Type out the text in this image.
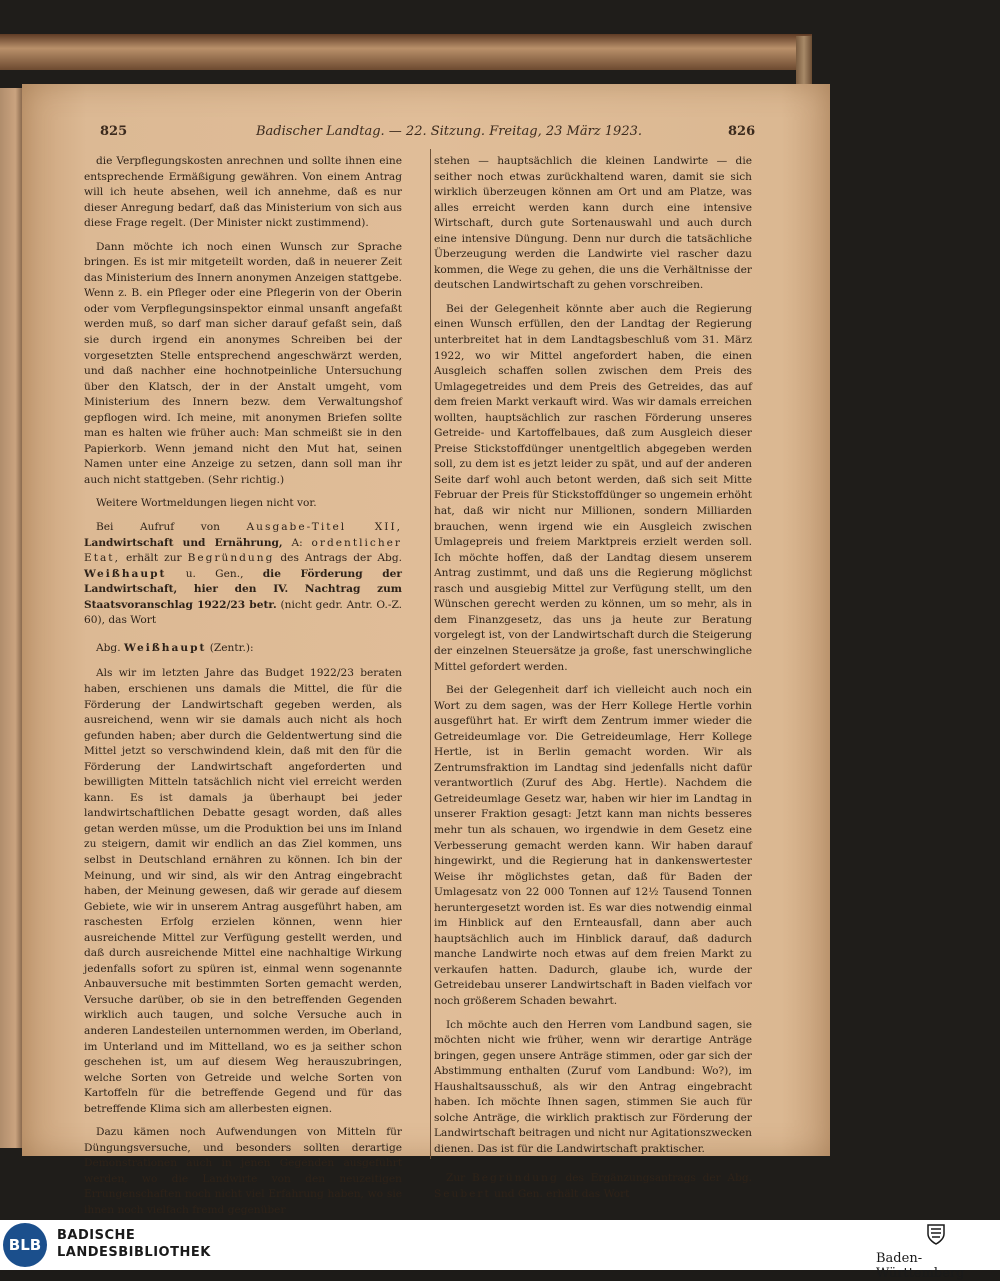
825	Badischer Landtag. — 22. Sitzung. Freitag, 23 März 1923.	826

die Verpflegungskosten anrechnen und sollte ihnen eine entsprechende Ermäßigung gewähren. Von einem Antrag will ich heute absehen, weil ich annehme, daß es nur dieser Anregung bedarf, daß das Ministerium von sich aus diese Frage regelt. (Der Minister nickt zustimmend).

Dann möchte ich noch einen Wunsch zur Sprache bringen. Es ist mir mitgeteilt worden, daß in neuerer Zeit das Ministerium des Innern anonymen Anzeigen stattgebe. Wenn z. B. ein Pfleger oder eine Pflegerin von der Oberin oder vom Verpflegungsinspektor einmal unsanft angefaßt werden muß, so darf man sicher darauf gefaßt sein, daß sie durch irgend ein anonymes Schreiben bei der vorgesetzten Stelle entsprechend angeschwärzt werden, und daß nachher eine hochnotpeinliche Untersuchung über den Klatsch, der in der Anstalt umgeht, vom Ministerium des Innern bezw. dem Verwaltungshof gepflogen wird. Ich meine, mit anonymen Briefen sollte man es halten wie früher auch: Man schmeißt sie in den Papierkorb. Wenn jemand nicht den Mut hat, seinen Namen unter eine Anzeige zu setzen, dann soll man ihr auch nicht stattgeben. (Sehr richtig.)

Weitere Wortmeldungen liegen nicht vor.

Bei Aufruf von Ausgabe-Titel XII, Landwirtschaft und Ernährung, A: ordentlicher Etat, erhält zur Begründung des Antrags der Abg. Weißhaupt u. Gen., die Förderung der Landwirtschaft, hier den IV. Nachtrag zum Staatsvoranschlag 1922/23 betr. (nicht gedr. Antr. O.-Z. 60), das Wort

Abg. Weißhaupt (Zentr.):

Als wir im letzten Jahre das Budget 1922/23 beraten haben, erschienen uns damals die Mittel, die für die Förderung der Landwirtschaft gegeben werden, als ausreichend, wenn wir sie damals auch nicht als hoch gefunden haben; aber durch die Geldentwertung sind die Mittel jetzt so verschwindend klein, daß mit den für die Förderung der Landwirtschaft angeforderten und bewilligten Mitteln tatsächlich nicht viel erreicht werden kann. Es ist damals ja überhaupt bei jeder landwirtschaftlichen Debatte gesagt worden, daß alles getan werden müsse, um die Produktion bei uns im Inland zu steigern, damit wir endlich an das Ziel kommen, uns selbst in Deutschland ernähren zu können. Ich bin der Meinung, und wir sind, als wir den Antrag eingebracht haben, der Meinung gewesen, daß wir gerade auf diesem Gebiete, wie wir in unserem Antrag ausgeführt haben, am raschesten Erfolg erzielen können, wenn hier ausreichende Mittel zur Verfügung gestellt werden, und daß durch ausreichende Mittel eine nachhaltige Wirkung jedenfalls sofort zu spüren ist, einmal wenn sogenannte Anbauversuche mit bestimmten Sorten gemacht werden, Versuche darüber, ob sie in den betreffenden Gegenden wirklich auch taugen, und solche Versuche auch in anderen Landesteilen unternommen werden, im Oberland, im Unterland und im Mittelland, wo es ja seither schon geschehen ist, um auf diesem Weg herauszubringen, welche Sorten von Getreide und welche Sorten von Kartoffeln für die betreffende Gegend und für das betreffende Klima sich am allerbesten eignen.

Dazu kämen noch Aufwendungen von Mitteln für Düngungsversuche, und besonders sollten derartige Demonstrationen auch in jenen Gegenden ausgeführt werden, wo die Landwirte von den neuzeitigen Errungenschaften noch nicht viel Erfahrung haben, wo sie ihnen noch vielfach fremd gegenüber

stehen — hauptsächlich die kleinen Landwirte — die seither noch etwas zurückhaltend waren, damit sie sich wirklich überzeugen können am Ort und am Platze, was alles erreicht werden kann durch eine intensive Wirtschaft, durch gute Sortenauswahl und auch durch eine intensive Düngung. Denn nur durch die tatsächliche Überzeugung werden die Landwirte viel rascher dazu kommen, die Wege zu gehen, die uns die Verhältnisse der deutschen Landwirtschaft zu gehen vorschreiben.

Bei der Gelegenheit könnte aber auch die Regierung einen Wunsch erfüllen, den der Landtag der Regierung unterbreitet hat in dem Landtagsbeschluß vom 31. März 1922, wo wir Mittel angefordert haben, die einen Ausgleich schaffen sollen zwischen dem Preis des Umlagegetreides und dem Preis des Getreides, das auf dem freien Markt verkauft wird. Was wir damals erreichen wollten, hauptsächlich zur raschen Förderung unseres Getreide- und Kartoffelbaues, daß zum Ausgleich dieser Preise Stickstoffdünger unentgeltlich abgegeben werden soll, zu dem ist es jetzt leider zu spät, und auf der anderen Seite darf wohl auch betont werden, daß sich seit Mitte Februar der Preis für Stickstoffdünger so ungemein erhöht hat, daß wir nicht nur Millionen, sondern Milliarden brauchen, wenn irgend wie ein Ausgleich zwischen Umlagepreis und freiem Marktpreis erzielt werden soll. Ich möchte hoffen, daß der Landtag diesem unserem Antrag zustimmt, und daß uns die Regierung möglichst rasch und ausgiebig Mittel zur Verfügung stellt, um den Wünschen gerecht werden zu können, um so mehr, als in dem Finanzgesetz, das uns ja heute zur Beratung vorgelegt ist, von der Landwirtschaft durch die Steigerung der einzelnen Steuersätze ja große, fast unerschwingliche Mittel gefordert werden.

Bei der Gelegenheit darf ich vielleicht auch noch ein Wort zu dem sagen, was der Herr Kollege Hertle vorhin ausgeführt hat. Er wirft dem Zentrum immer wieder die Getreideumlage vor. Die Getreideumlage, Herr Kollege Hertle, ist in Berlin gemacht worden. Wir als Zentrumsfraktion im Landtag sind jedenfalls nicht dafür verantwortlich (Zuruf des Abg. Hertle). Nachdem die Getreideumlage Gesetz war, haben wir hier im Landtag in unserer Fraktion gesagt: Jetzt kann man nichts besseres mehr tun als schauen, wo irgendwie in dem Gesetz eine Verbesserung gemacht werden kann. Wir haben darauf hingewirkt, und die Regierung hat in dankenswertester Weise ihr möglichstes getan, daß für Baden der Umlagesatz von 22 000 Tonnen auf 12½ Tausend Tonnen heruntergesetzt worden ist. Es war dies notwendig einmal im Hinblick auf den Ernteausfall, dann aber auch hauptsächlich auch im Hinblick darauf, daß dadurch manche Landwirte noch etwas auf dem freien Markt zu verkaufen hatten. Dadurch, glaube ich, wurde der Getreidebau unserer Landwirtschaft in Baden vielfach vor noch größerem Schaden bewahrt.

Ich möchte auch den Herren vom Landbund sagen, sie möchten nicht wie früher, wenn wir derartige Anträge bringen, gegen unsere Anträge stimmen, oder gar sich der Abstimmung enthalten (Zuruf vom Landbund: Wo?), im Haushaltsausschuß, als wir den Antrag eingebracht haben. Ich möchte Ihnen sagen, stimmen Sie auch für solche Anträge, die wirklich praktisch zur Förderung der Landwirtschaft beitragen und nicht nur Agitationszwecken dienen. Das ist für die Landwirtschaft praktischer.

Zur Begründung des Ergänzungsantrags der Abg. Seubert und Gen. erhält das Wort

BLB
BADISCHE
LANDESBIBLIOTHEK	Baden-Württemberg
